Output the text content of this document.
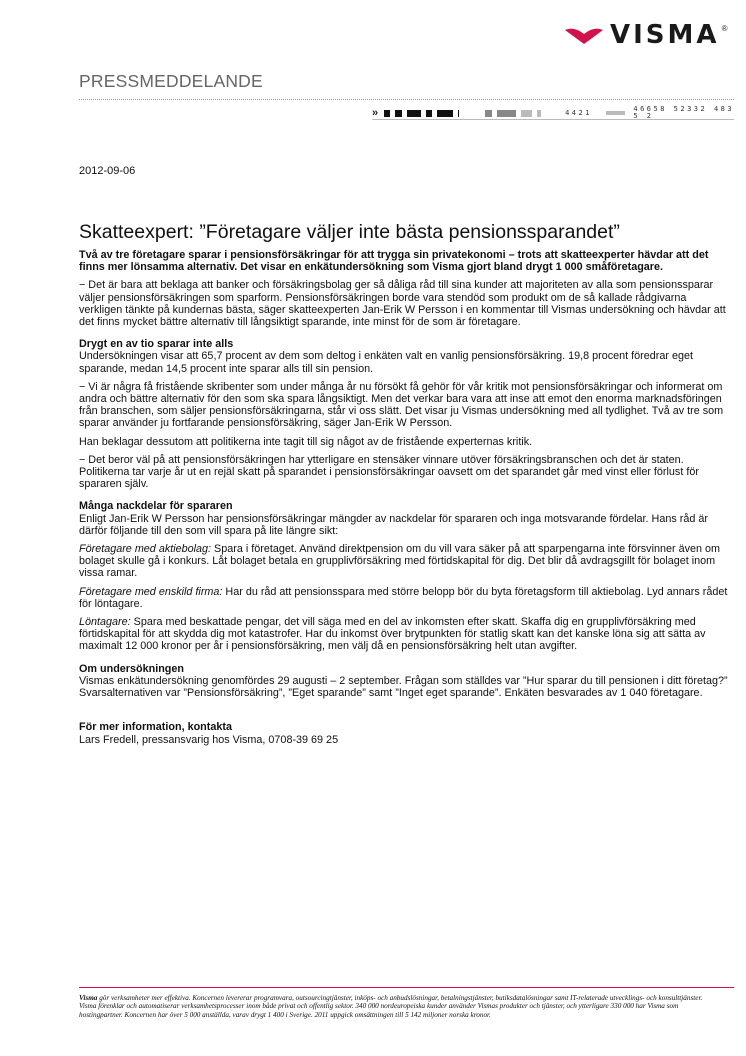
VISMA ®
PRESSMEDDELANDE
»	4421	46658 52332 483 5 2
2012-09-06
Skatteexpert: ”Företagare väljer inte bästa pensionssparandet”

Två av tre företagare sparar i pensionsförsäkringar för att trygga sin privatekonomi – trots att skatteexperter hävdar att det finns mer lönsamma alternativ. Det visar en enkätundersökning som Visma gjort bland drygt 1 000 småföretagare.

− Det är bara att beklaga att banker och försäkringsbolag ger så dåliga råd till sina kunder att majoriteten av alla som pensionssparar väljer pensionsförsäkringen som sparform. Pensionsförsäkringen borde vara stendöd som produkt om de så kallade rådgivarna verkligen tänkte på kundernas bästa, säger skatteexperten Jan-Erik W Persson i en kommentar till Vismas undersökning och hävdar att det finns mycket bättre alternativ till långsiktigt sparande, inte minst för de som är företagare.

Drygt en av tio sparar inte alls

Undersökningen visar att 65,7 procent av dem som deltog i enkäten valt en vanlig pensionsförsäkring. 19,8 procent föredrar eget sparande, medan 14,5 procent inte sparar alls till sin pension.

− Vi är några få fristående skribenter som under många år nu försökt få gehör för vår kritik mot pensionsförsäkringar och informerat om andra och bättre alternativ för den som ska spara långsiktigt. Men det verkar bara vara att inse att emot den enorma marknadsföringen från branschen, som säljer pensionsförsäkringarna, står vi oss slätt. Det visar ju Vismas undersökning med all tydlighet. Två av tre som sparar använder ju fortfarande pensionsförsäkring, säger Jan-Erik W Persson.

Han beklagar dessutom att politikerna inte tagit till sig något av de fristående experternas kritik.

− Det beror väl på att pensionsförsäkringen har ytterligare en stensäker vinnare utöver försäkringsbranschen och det är staten. Politikerna tar varje år ut en rejäl skatt på sparandet i pensionsförsäkringar oavsett om det sparandet går med vinst eller förlust för spararen själv.

Många nackdelar för spararen

Enligt Jan-Erik W Persson har pensionsförsäkringar mängder av nackdelar för spararen och inga motsvarande fördelar. Hans råd är därför följande till den som vill spara på lite längre sikt:

Företagare med aktiebolag: Spara i företaget. Använd direktpension om du vill vara säker på att sparpengarna inte försvinner även om bolaget skulle gå i konkurs. Låt bolaget betala en grupplivförsäkring med förtidskapital för dig. Det blir då avdragsgillt för bolaget inom vissa ramar.

Företagare med enskild firma: Har du råd att pensionsspara med större belopp bör du byta företagsform till aktiebolag. Lyd annars rådet för löntagare.

Löntagare: Spara med beskattade pengar, det vill säga med en del av inkomsten efter skatt. Skaffa dig en grupplivförsäkring med förtidskapital för att skydda dig mot katastrofer. Har du inkomst över brytpunkten för statlig skatt kan det kanske löna sig att sätta av maximalt 12 000 kronor per år i pensionsförsäkring, men välj då en pensionsförsäkring helt utan avgifter.

Om undersökningen

Vismas enkätundersökning genomfördes 29 augusti – 2 september. Frågan som ställdes var ”Hur sparar du till pensionen i ditt företag?” Svarsalternativen var ”Pensionsförsäkring”, ”Eget sparande” samt ”Inget eget sparande”. Enkäten besvarades av 1 040 företagare.

För mer information, kontakta

Lars Fredell, pressansvarig hos Visma, 0708-39 69 25

Visma gör verksamheter mer effektiva. Koncernen levererar programvara, outsourcingtjänster, inköps- och anbudslösningar, betalningstjänster, butiksdatalösningar samt IT-relaterade utvecklings- och konsulttjänster. Visma förenklar och automatiserar verksamhetsprocesser inom både privat och offentlig sektor. 340 000 nordeuropeiska kunder använder Vismas produkter och tjänster, och ytterligare 330 000 har Visma som hostingpartner. Koncernen har över 5 000 anställda, varav drygt 1 400 i Sverige. 2011 uppgick omsättningen till 5 142 miljoner norska kronor.
